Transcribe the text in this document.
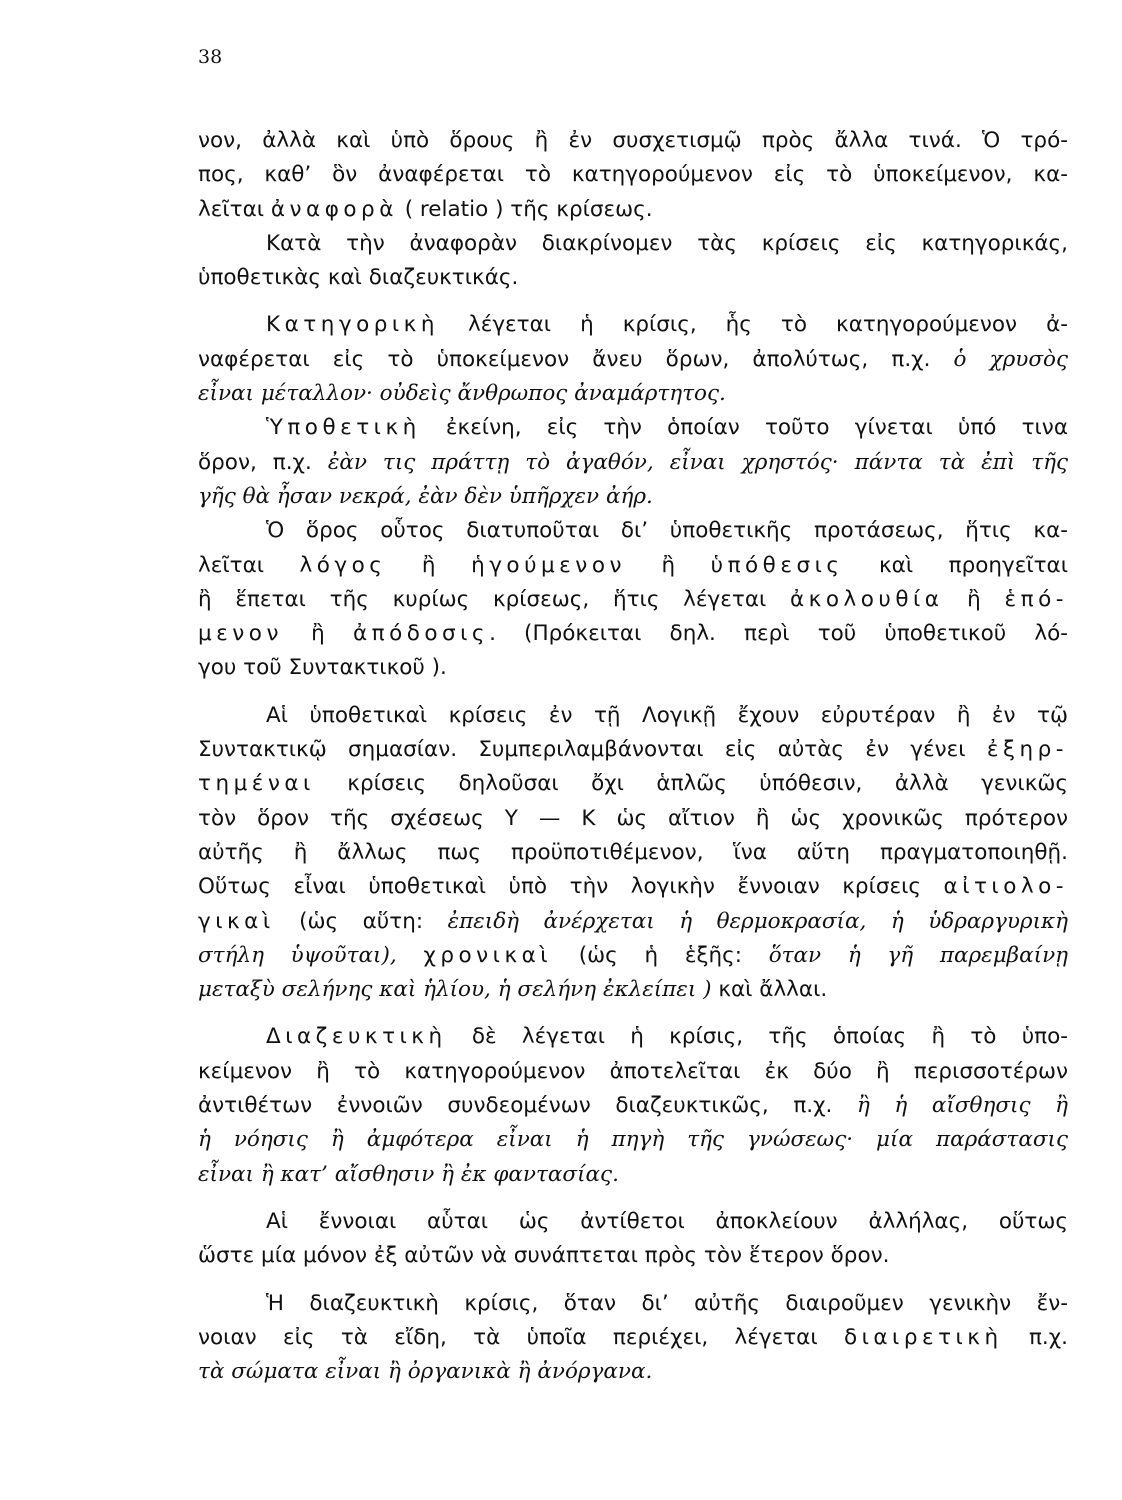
38
νον, ἀλλὰ καὶ ὑπὸ ὅρους ἢ ἐν συσχετισμῷ πρὸς ἄλλα τινά. Ὁ τρό-
πος, καθ’ ὃν ἀναφέρεται τὸ κατηγορούμενον εἰς τὸ ὑποκείμενον, κα-
λεῖται ἀναφορὰ ( relatio ) τῆς κρίσεως.
Κατὰ τὴν ἀναφορὰν διακρίνομεν τὰς κρίσεις εἰς κατηγορικάς,
ὑποθετικὰς καὶ διαζευκτικάς.
Κατηγορικὴ λέγεται ἡ κρίσις, ἧς τὸ κατηγορούμενον ἀ-
ναφέρεται εἰς τὸ ὑποκείμενον ἄνευ ὅρων, ἀπολύτως, π.χ. ὁ χρυσὸς
εἶναι μέταλλον· οὐδεὶς ἄνθρωπος ἀναμάρτητος.
Ὑποθετικὴ ἐκείνη, εἰς τὴν ὁποίαν τοῦτο γίνεται ὑπό τινα
ὅρον, π.χ. ἐὰν τις πράττῃ τὸ ἀγαθόν, εἶναι χρηστός· πάντα τὰ ἐπὶ τῆς
γῆς θὰ ἦσαν νεκρά, ἐὰν δὲν ὑπῆρχεν ἀήρ.
Ὁ ὅρος οὗτος διατυποῦται δι’ ὑποθετικῆς προτάσεως, ἥτις κα-
λεῖται λόγος ἢ ἡγούμενον ἢ ὑπόθεσις καὶ προηγεῖται
ἢ ἕπεται τῆς κυρίως κρίσεως, ἥτις λέγεται ἀκολουθία ἢ ἑπό-
μενον ἢ ἀπόδοσις. (Πρόκειται δηλ. περὶ τοῦ ὑποθετικοῦ λό-
γου τοῦ Συντακτικοῦ ).
Αἱ ὑποθετικαὶ κρίσεις ἐν τῇ Λογικῇ ἔχουν εὐρυτέραν ἢ ἐν τῷ
Συντακτικῷ σημασίαν. Συμπεριλαμβάνονται εἰς αὐτὰς ἐν γένει ἐξηρ-
τημέναι κρίσεις δηλοῦσαι ὄχι ἁπλῶς ὑπόθεσιν, ἀλλὰ γενικῶς
τὸν ὅρον τῆς σχέσεως Υ — Κ ὡς αἴτιον ἢ ὡς χρονικῶς πρότερον
αὐτῆς ἢ ἄλλως πως προϋποτιθέμενον, ἵνα αὕτη πραγματοποιηθῇ.
Οὕτως εἶναι ὑποθετικαὶ ὑπὸ τὴν λογικὴν ἔννοιαν κρίσεις αἰτιολο-
γικαὶ (ὡς αὕτη: ἐπειδὴ ἀνέρχεται ἡ θερμοκρασία, ἡ ὑδραργυρικὴ
στήλη ὑψοῦται), χρονικαὶ (ὡς ἡ ἑξῆς: ὅταν ἡ γῆ παρεμβαίνῃ
μεταξὺ σελήνης καὶ ἡλίου, ἡ σελήνη ἐκλείπει ) καὶ ἄλλαι.
Διαζευκτικὴ δὲ λέγεται ἡ κρίσις, τῆς ὁποίας ἢ τὸ ὑπο-
κείμενον ἢ τὸ κατηγορούμενον ἀποτελεῖται ἐκ δύο ἢ περισσοτέρων
ἀντιθέτων ἐννοιῶν συνδεομένων διαζευκτικῶς, π.χ. ἢ ἡ αἴσθησις ἢ
ἡ νόησις ἢ ἀμφότερα εἶναι ἡ πηγὴ τῆς γνώσεως· μία παράστασις
εἶναι ἢ κατ’ αἴσθησιν ἢ ἐκ φαντασίας.
Αἱ ἔννοιαι αὗται ὡς ἀντίθετοι ἀποκλείουν ἀλλήλας, οὕτως
ὥστε μία μόνον ἐξ αὐτῶν νὰ συνάπτεται πρὸς τὸν ἕτερον ὅρον.
Ἡ διαζευκτικὴ κρίσις, ὅταν δι’ αὐτῆς διαιροῦμεν γενικὴν ἔν-
νοιαν εἰς τὰ εἴδη, τὰ ὑποῖα περιέχει, λέγεται διαιρετικὴ π.χ.
τὰ σώματα εἶναι ἢ ὀργανικὰ ἢ ἀνόργανα.
